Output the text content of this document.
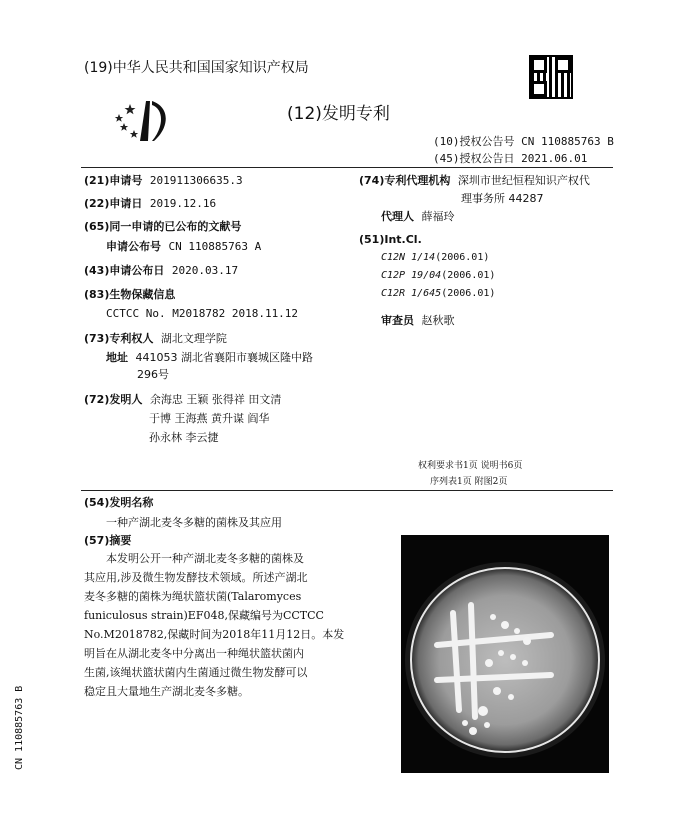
(19)中华人民共和国国家知识产权局
(12)发明专利
(10)授权公告号 CN 110885763 B
(45)授权公告日 2021.06.01
(21)申请号 201911306635.3
(22)申请日 2019.12.16
(65)同一申请的已公布的文献号
申请公布号 CN 110885763 A
(43)申请公布日 2020.03.17
(83)生物保藏信息
CCTCC No. M2018782 2018.11.12
(73)专利权人 湖北文理学院
地址 441053 湖北省襄阳市襄城区隆中路
296号
(72)发明人 余海忠 王颖 张得祥 田文清
于博 王海燕 黄升谋 阎华
孙永林 李云捷
(74)专利代理机构 深圳市世纪恒程知识产权代
理事务所 44287
代理人 薛福玲
(51)Int.Cl.
C12N 1/14(2006.01)
C12P 19/04(2006.01)
C12R 1/645(2006.01)
审查员 赵秋歌
权利要求书1页 说明书6页
序列表1页 附图2页
(54)发明名称
一种产湖北麦冬多糖的菌株及其应用
(57)摘要
本发明公开一种产湖北麦冬多糖的菌株及
其应用,涉及微生物发酵技术领域。所述产湖北
麦冬多糖的菌株为绳状篮状菌(Talaromyces
funiculosus strain)EF048,保藏编号为CCTCC
No.M2018782,保藏时间为2018年11月12日。本发
明旨在从湖北麦冬中分离出一种绳状篮状菌内
生菌,该绳状篮状菌内生菌通过微生物发酵可以
稳定且大量地生产湖北麦冬多糖。
CN 110885763 B
